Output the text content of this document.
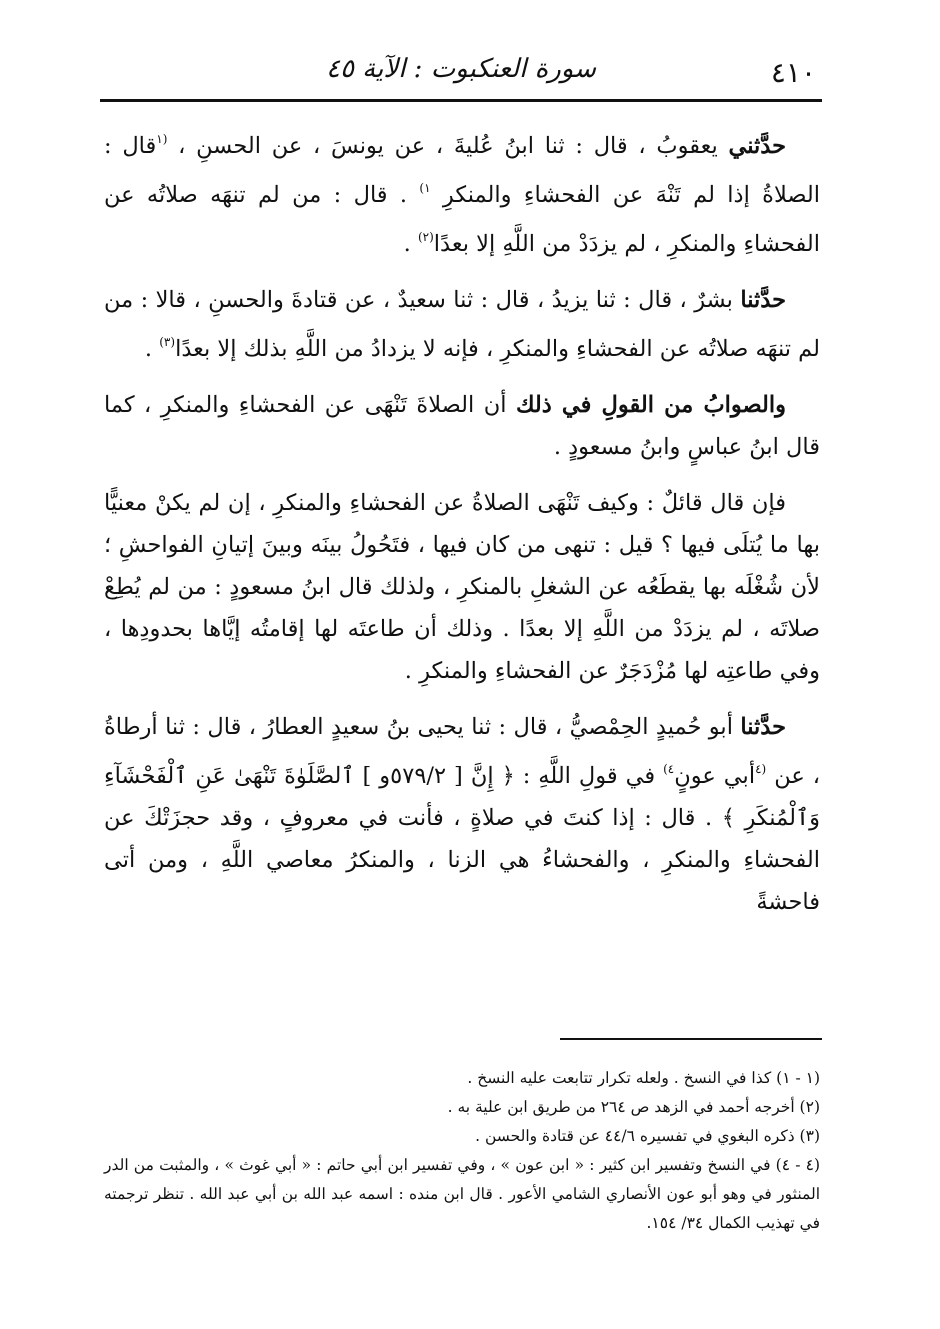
٤١٠
سورة العنكبوت : الآية ٤٥

حدَّثني يعقوبُ ، قال : ثنا ابنُ عُليةَ ، عن يونسَ ، عن الحسنِ ، $^{(١}$قال : الصلاةُ إذا لم تَنْهَ عن الفحشاءِ والمنكرِ $^{١)}$ . قال : من لم تنهَه صلاتُه عن الفحشاءِ والمنكرِ ، لم يزدَدْ من اللَّهِ إلا بعدًا$^{(٢)}$ .

حدَّثنا بشرٌ ، قال : ثنا يزيدُ ، قال : ثنا سعيدٌ ، عن قتادةَ والحسنِ ، قالا : من لم تنهَه صلاتُه عن الفحشاءِ والمنكرِ ، فإنه لا يزدادُ من اللَّهِ بذلك إلا بعدًا$^{(٣)}$ .

والصوابُ من القولِ في ذلك أن الصلاةَ تَنْهَى عن الفحشاءِ والمنكرِ ، كما قال ابنُ عباسٍ وابنُ مسعودٍ .

فإن قال قائلٌ : وكيف تَنْهَى الصلاةُ عن الفحشاءِ والمنكرِ ، إن لم يكنْ معنيًّا بها ما يُتلَى فيها ؟ قيل : تنهى من كان فيها ، فتَحُولُ بينَه وبينَ إتيانِ الفواحشِ ؛ لأن شُغْلَه بها يقطَعُه عن الشغلِ بالمنكرِ ، ولذلك قال ابنُ مسعودٍ : من لم يُطِعْ صلاتَه ، لم يزدَدْ من اللَّهِ إلا بعدًا . وذلك أن طاعتَه لها إقامتُه إيَّاها بحدودِها ، وفي طاعتِه لها مُزْدَجَرٌ عن الفحشاءِ والمنكرِ .

حدَّثنا أبو حُميدٍ الحِمْصيُّ ، قال : ثنا يحيى بنُ سعيدٍ العطارُ ، قال : ثنا أرطاةُ ، عن $^{(٤}$أبي عونٍ$^{٤)}$ في قولِ اللَّهِ : ﴿ إِنَّ [ ٥٧٩/٢و ] ٱلصَّلَوٰةَ تَنْهَىٰ عَنِ ٱلْفَحْشَآءِ وَٱلْمُنكَرِ ﴾ . قال : إذا كنتَ في صلاةٍ ، فأنت في معروفٍ ، وقد حجزَتْكَ عن الفحشاءِ والمنكرِ ، والفحشاءُ هي الزنا ، والمنكرُ معاصي اللَّهِ ، ومن أتى فاحشةً

(١ - ١) كذا في النسخ . ولعله تكرار تتابعت عليه النسخ .

(٢) أخرجه أحمد في الزهد ص ٢٦٤ من طريق ابن علية به .

(٣) ذكره البغوي في تفسيره ٤٤/٦ عن قتادة والحسن .

(٤ - ٤) في النسخ وتفسير ابن كثير : « ابن عون » ، وفي تفسير ابن أبي حاتم : « أبي غوث » ، والمثبت من الدر المنثور في وهو أبو عون الأنصاري الشامي الأعور . قال ابن منده : اسمه عبد الله بن أبي عبد الله . تنظر ترجمته في تهذيب الكمال ٣٤/ ١٥٤.
